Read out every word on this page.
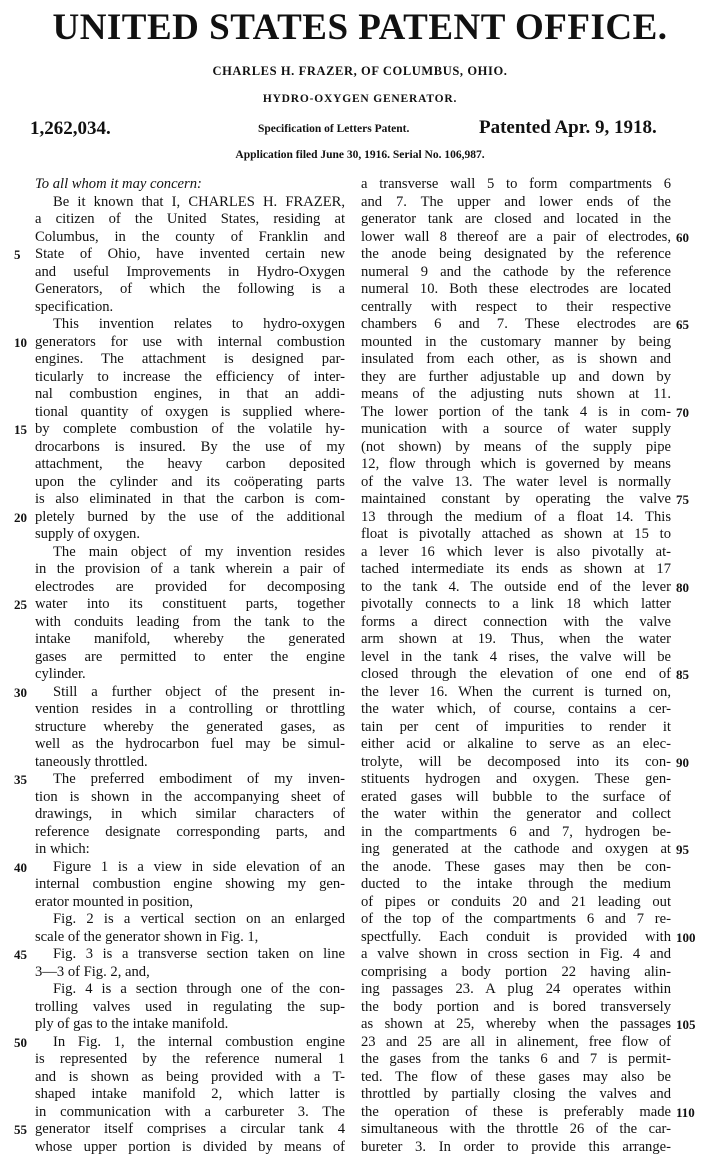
UNITED STATES PATENT OFFICE.
CHARLES H. FRAZER, OF COLUMBUS, OHIO.
HYDRO-OXYGEN GENERATOR.
1,262,034.	Specification of Letters Patent.	Patented Apr. 9, 1918.
Application filed June 30, 1916. Serial No. 106,987.
To all whom it may concern:
Be it known that I, CHARLES H. FRAZER,
a citizen of the United States, residing at
Columbus, in the county of Franklin and
State of Ohio, have invented certain new
and useful Improvements in Hydro-Oxygen
Generators, of which the following is a
specification.
This invention relates to hydro-oxygen
generators for use with internal combustion
engines. The attachment is designed par-
ticularly to increase the efficiency of inter-
nal combustion engines, in that an addi-
tional quantity of oxygen is supplied where-
by complete combustion of the volatile hy-
drocarbons is insured. By the use of my
attachment, the heavy carbon deposited
upon the cylinder and its coöperating parts
is also eliminated in that the carbon is com-
pletely burned by the use of the additional
supply of oxygen.
The main object of my invention resides
in the provision of a tank wherein a pair of
electrodes are provided for decomposing
water into its constituent parts, together
with conduits leading from the tank to the
intake manifold, whereby the generated
gases are permitted to enter the engine
cylinder.
Still a further object of the present in-
vention resides in a controlling or throttling
structure whereby the generated gases, as
well as the hydrocarbon fuel may be simul-
taneously throttled.
The preferred embodiment of my inven-
tion is shown in the accompanying sheet of
drawings, in which similar characters of
reference designate corresponding parts, and
in which:
Figure 1 is a view in side elevation of an
internal combustion engine showing my gen-
erator mounted in position,
Fig. 2 is a vertical section on an enlarged
scale of the generator shown in Fig. 1,
Fig. 3 is a transverse section taken on line
3—3 of Fig. 2, and,
Fig. 4 is a section through one of the con-
trolling valves used in regulating the sup-
ply of gas to the intake manifold.
In Fig. 1, the internal combustion engine
is represented by the reference numeral 1
and is shown as being provided with a T-
shaped intake manifold 2, which latter is
in communication with a carbureter 3. The
generator itself comprises a circular tank 4
whose upper portion is divided by means of
a transverse wall 5 to form compartments 6
and 7. The upper and lower ends of the
generator tank are closed and located in the
lower wall 8 thereof are a pair of electrodes,
the anode being designated by the reference
numeral 9 and the cathode by the reference
numeral 10. Both these electrodes are located
centrally with respect to their respective
chambers 6 and 7. These electrodes are
mounted in the customary manner by being
insulated from each other, as is shown and
they are further adjustable up and down by
means of the adjusting nuts shown at 11.
The lower portion of the tank 4 is in com-
munication with a source of water supply
(not shown) by means of the supply pipe
12, flow through which is governed by means
of the valve 13. The water level is normally
maintained constant by operating the valve
13 through the medium of a float 14. This
float is pivotally attached as shown at 15 to
a lever 16 which lever is also pivotally at-
tached intermediate its ends as shown at 17
to the tank 4. The outside end of the lever
pivotally connects to a link 18 which latter
forms a direct connection with the valve
arm shown at 19. Thus, when the water
level in the tank 4 rises, the valve will be
closed through the elevation of one end of
the lever 16. When the current is turned on,
the water which, of course, contains a cer-
tain per cent of impurities to render it
either acid or alkaline to serve as an elec-
trolyte, will be decomposed into its con-
stituents hydrogen and oxygen. These gen-
erated gases will bubble to the surface of
the water within the generator and collect
in the compartments 6 and 7, hydrogen be-
ing generated at the cathode and oxygen at
the anode. These gases may then be con-
ducted to the intake through the medium
of pipes or conduits 20 and 21 leading out
of the top of the compartments 6 and 7 re-
spectfully. Each conduit is provided with
a valve shown in cross section in Fig. 4 and
comprising a body portion 22 having alin-
ing passages 23. A plug 24 operates within
the body portion and is bored transversely
as shown at 25, whereby when the passages
23 and 25 are all in alinement, free flow of
the gases from the tanks 6 and 7 is permit-
ted. The flow of these gases may also be
throttled by partially closing the valves and
the operation of these is preferably made
simultaneous with the throttle 26 of the car-
bureter 3. In order to provide this arrange-
5
10
15
20
25
30
35
40
45
50
55
60
65
70
75
80
85
90
95
100
105
110
